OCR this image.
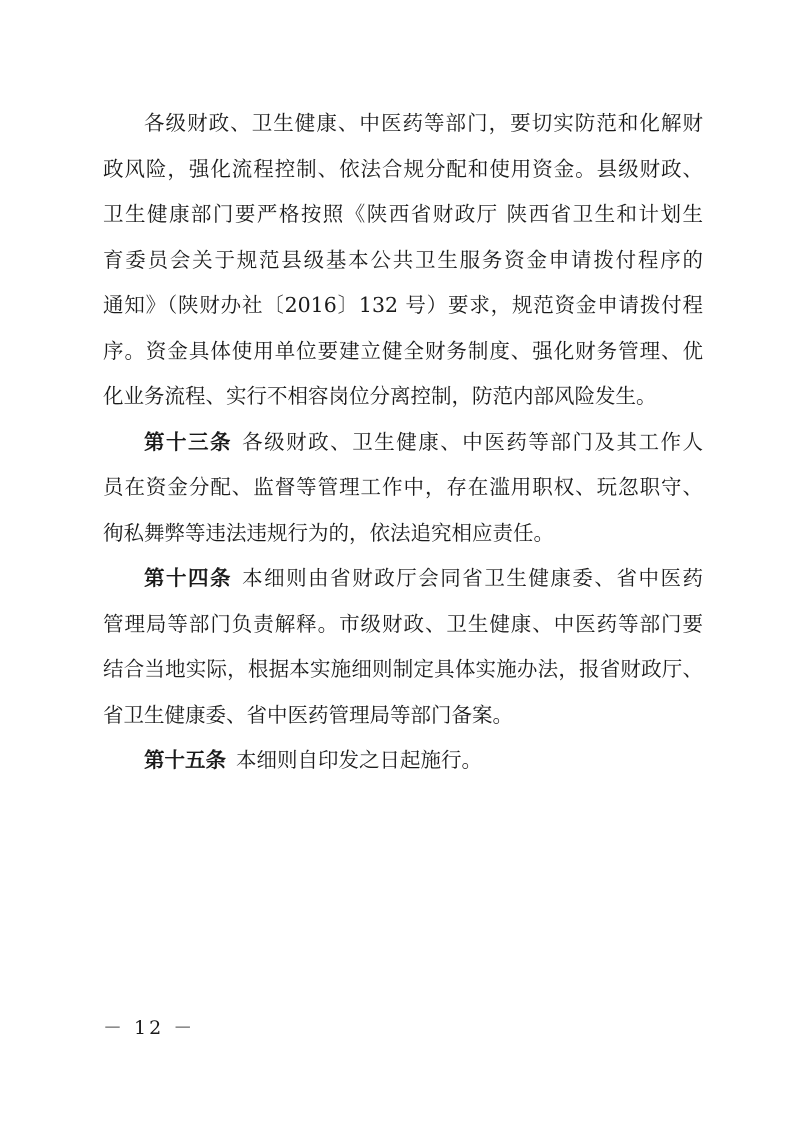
各级财政、卫生健康、中医药等部门，要切实防范和化解财
政风险，强化流程控制、依法合规分配和使用资金。县级财政、
卫生健康部门要严格按照《陕西省财政厅 陕西省卫生和计划生
育委员会关于规范县级基本公共卫生服务资金申请拨付程序的
通知》（陕财办社〔2016〕132 号）要求，规范资金申请拨付程
序。资金具体使用单位要建立健全财务制度、强化财务管理、优
化业务流程、实行不相容岗位分离控制，防范内部风险发生。
第十三条 各级财政、卫生健康、中医药等部门及其工作人
员在资金分配、监督等管理工作中，存在滥用职权、玩忽职守、
徇私舞弊等违法违规行为的，依法追究相应责任。
第十四条 本细则由省财政厅会同省卫生健康委、省中医药
管理局等部门负责解释。市级财政、卫生健康、中医药等部门要
结合当地实际，根据本实施细则制定具体实施办法，报省财政厅、
省卫生健康委、省中医药管理局等部门备案。
第十五条 本细则自印发之日起施行。
－ 12 －
